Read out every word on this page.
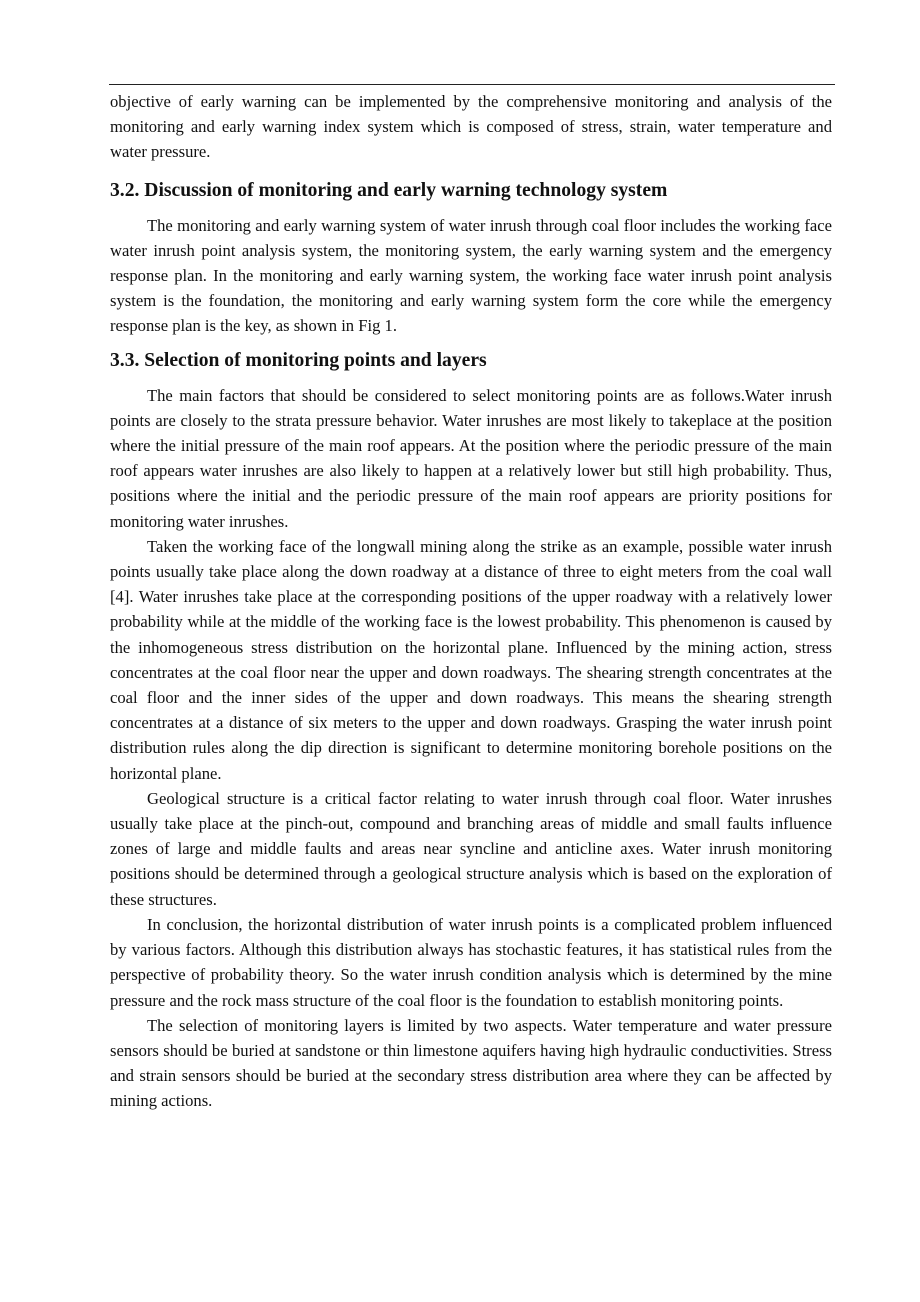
objective of early warning can be implemented by the comprehensive monitoring and analysis of the monitoring and early warning index system which is composed of stress, strain, water temperature and water pressure.

3.2. Discussion of monitoring and early warning technology system

The monitoring and early warning system of water inrush through coal floor includes the working face water inrush point analysis system, the monitoring system, the early warning system and the emergency response plan. In the monitoring and early warning system, the working face water inrush point analysis system is the foundation, the monitoring and early warning system form the core while the emergency response plan is the key, as shown in Fig 1.

3.3. Selection of monitoring points and layers

The main factors that should be considered to select monitoring points are as follows.Water inrush points are closely to the strata pressure behavior. Water inrushes are most likely to takeplace at the position where the initial pressure of the main roof appears. At the position where the periodic pressure of the main roof appears water inrushes are also likely to happen at a relatively lower but still high probability. Thus, positions where the initial and the periodic pressure of the main roof appears are priority positions for monitoring water inrushes.

Taken the working face of the longwall mining along the strike as an example, possible water inrush points usually take place along the down roadway at a distance of three to eight meters from the coal wall [4]. Water inrushes take place at the corresponding positions of the upper roadway with a relatively lower probability while at the middle of the working face is the lowest probability. This phenomenon is caused by the inhomogeneous stress distribution on the horizontal plane. Influenced by the mining action, stress concentrates at the coal floor near the upper and down roadways. The shearing strength concentrates at the coal floor and the inner sides of the upper and down roadways. This means the shearing strength concentrates at a distance of six meters to the upper and down roadways. Grasping the water inrush point distribution rules along the dip direction is significant to determine monitoring borehole positions on the horizontal plane.

Geological structure is a critical factor relating to water inrush through coal floor. Water inrushes usually take place at the pinch-out, compound and branching areas of middle and small faults influence zones of large and middle faults and areas near syncline and anticline axes. Water inrush monitoring positions should be determined through a geological structure analysis which is based on the exploration of these structures.

In conclusion, the horizontal distribution of water inrush points is a complicated problem influenced by various factors. Although this distribution always has stochastic features, it has statistical rules from the perspective of probability theory. So the water inrush condition analysis which is determined by the mine pressure and the rock mass structure of the coal floor is the foundation to establish monitoring points.

The selection of monitoring layers is limited by two aspects. Water temperature and water pressure sensors should be buried at sandstone or thin limestone aquifers having high hydraulic conductivities. Stress and strain sensors should be buried at the secondary stress distribution area where they can be affected by mining actions.
